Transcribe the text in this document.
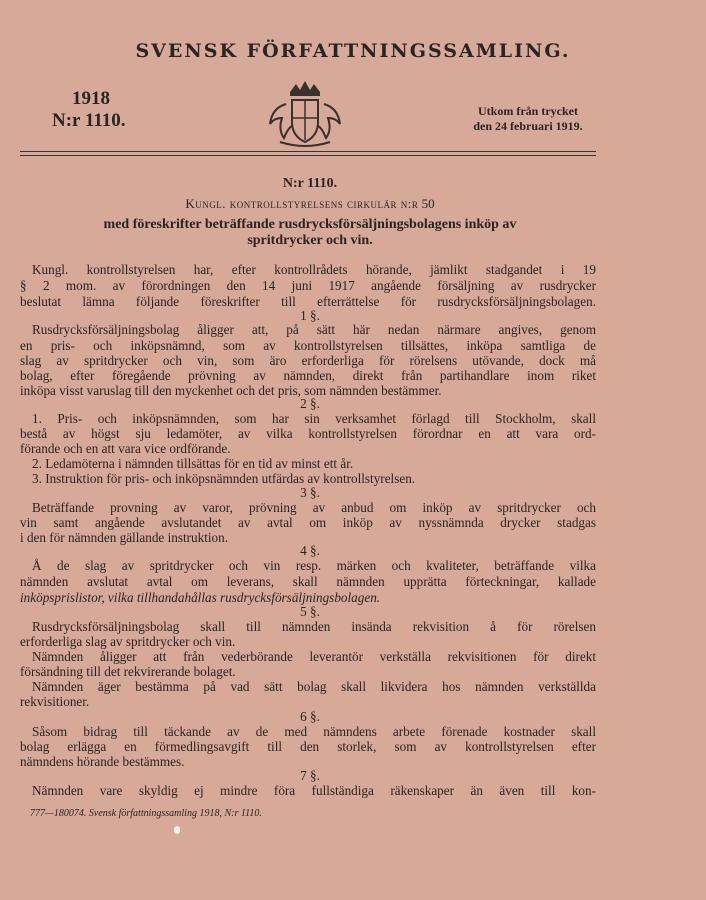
SVENSK FÖRFATTNINGSSAMLING.
1918
N:r 1110.	Utkom från trycket
den 24 februari 1919.
N:r 1110.
Kungl. kontrollstyrelsens cirkulär n:r 50
med föreskrifter beträffande rusdrycksförsäljningsbolagens inköp av
spritdrycker och vin.
Kungl. kontrollstyrelsen har, efter kontrollrådets hörande, jämlikt stadgandet i 19
§ 2 mom. av förordningen den 14 juni 1917 angående försäljning av rusdrycker
beslutat lämna följande föreskrifter till efterrättelse för rusdrycksförsäljningsbolagen.
1 §.
Rusdrycksförsäljningsbolag åligger att, på sätt här nedan närmare angives, genom
en pris- och inköpsnämnd, som av kontrollstyrelsen tillsättes, inköpa samtliga de
slag av spritdrycker och vin, som äro erforderliga för rörelsens utövande, dock må
bolag, efter föregående prövning av nämnden, direkt från partihandlare inom riket
inköpa visst varuslag till den myckenhet och det pris, som nämnden bestämmer.
2 §.
1. Pris- och inköpsnämnden, som har sin verksamhet förlagd till Stockholm, skall
bestå av högst sju ledamöter, av vilka kontrollstyrelsen förordnar en att vara ord-
förande och en att vara vice ordförande.
2. Ledamöterna i nämnden tillsättas för en tid av minst ett år.
3. Instruktion för pris- och inköpsnämnden utfärdas av kontrollstyrelsen.
3 §.
Beträffande provning av varor, prövning av anbud om inköp av spritdrycker och
vin samt angående avslutandet av avtal om inköp av nyssnämnda drycker stadgas
i den för nämnden gällande instruktion.
4 §.
Å de slag av spritdrycker och vin resp. märken och kvaliteter, beträffande vilka
nämnden avslutat avtal om leverans, skall nämnden upprätta förteckningar, kallade
inköpsprislistor, vilka tillhandahållas rusdrycksförsäljningsbolagen.
5 §.
Rusdrycksförsäljningsbolag skall till nämnden insända rekvisition å för rörelsen
erforderliga slag av spritdrycker och vin.
Nämnden åligger att från vederbörande leverantör verkställa rekvisitionen för direkt
försändning till det rekvirerande bolaget.
Nämnden äger bestämma på vad sätt bolag skall likvidera hos nämnden verkställda
rekvisitioner.
6 §.
Såsom bidrag till täckande av de med nämndens arbete förenade kostnader skall
bolag erlägga en förmedlingsavgift till den storlek, som av kontrollstyrelsen efter
nämndens hörande bestämmes.
7 §.
Nämnden vare skyldig ej mindre föra fullständiga räkenskaper än även till kon-
777—180074. Svensk författningssamling 1918, N:r 1110.
